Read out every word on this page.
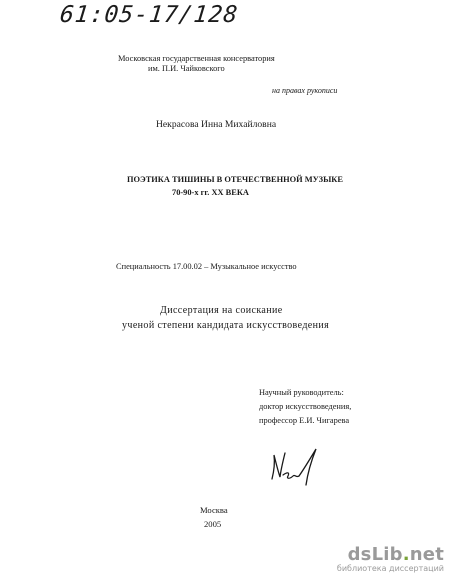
61:05-17/128
Московская государственная консерватория
им. П.И. Чайковского
на правах рукописи
Некрасова Инна Михайловна
ПОЭТИКА ТИШИНЫ В ОТЕЧЕСТВЕННОЙ МУЗЫКЕ
70-90-х гг. XX ВЕКА
Специальность 17.00.02 – Музыкальное искусство
Диссертация на соискание
ученой степени кандидата искусствоведения
Научный руководитель:
доктор искусствоведения,
профессор Е.И. Чигарева
Москва
2005
dsLib.net
библиотека диссертаций
